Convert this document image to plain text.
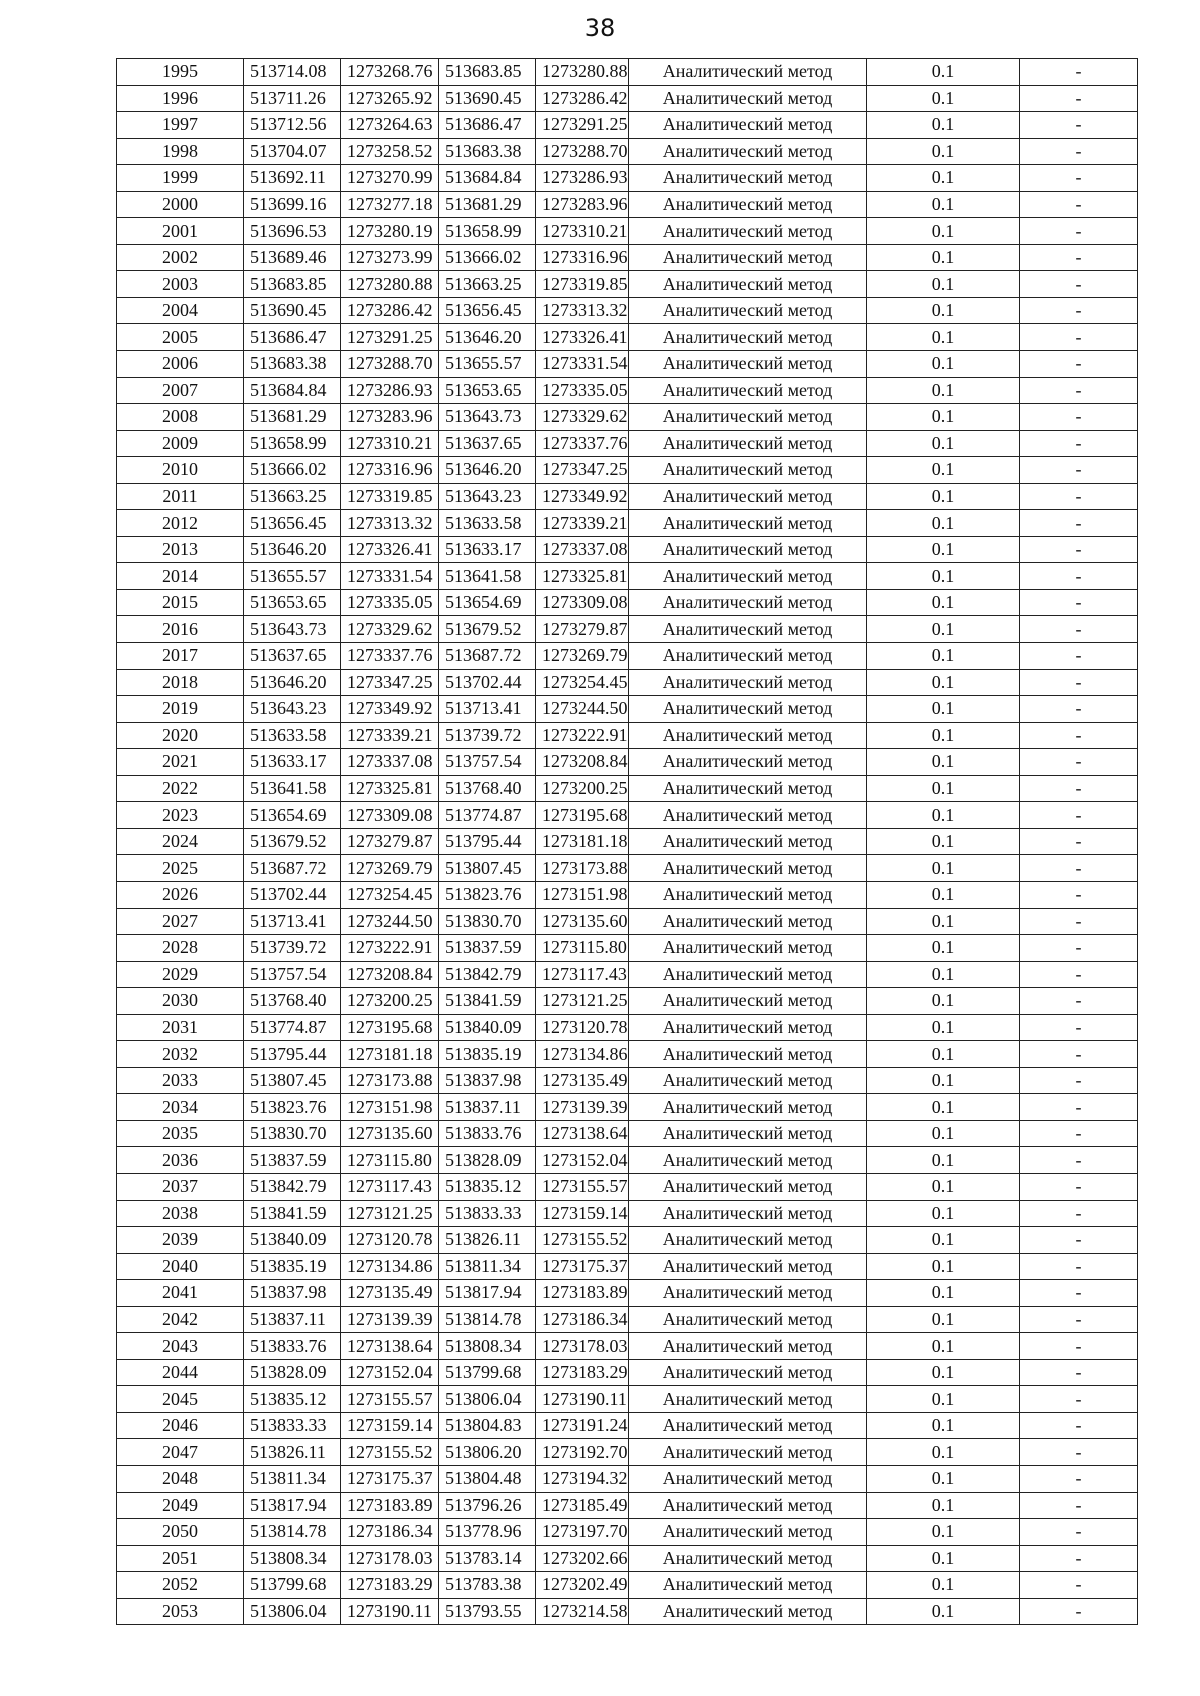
38
1995	513714.08	1273268.76	513683.85	1273280.88	Аналитический метод	0.1	-
1996	513711.26	1273265.92	513690.45	1273286.42	Аналитический метод	0.1	-
1997	513712.56	1273264.63	513686.47	1273291.25	Аналитический метод	0.1	-
1998	513704.07	1273258.52	513683.38	1273288.70	Аналитический метод	0.1	-
1999	513692.11	1273270.99	513684.84	1273286.93	Аналитический метод	0.1	-
2000	513699.16	1273277.18	513681.29	1273283.96	Аналитический метод	0.1	-
2001	513696.53	1273280.19	513658.99	1273310.21	Аналитический метод	0.1	-
2002	513689.46	1273273.99	513666.02	1273316.96	Аналитический метод	0.1	-
2003	513683.85	1273280.88	513663.25	1273319.85	Аналитический метод	0.1	-
2004	513690.45	1273286.42	513656.45	1273313.32	Аналитический метод	0.1	-
2005	513686.47	1273291.25	513646.20	1273326.41	Аналитический метод	0.1	-
2006	513683.38	1273288.70	513655.57	1273331.54	Аналитический метод	0.1	-
2007	513684.84	1273286.93	513653.65	1273335.05	Аналитический метод	0.1	-
2008	513681.29	1273283.96	513643.73	1273329.62	Аналитический метод	0.1	-
2009	513658.99	1273310.21	513637.65	1273337.76	Аналитический метод	0.1	-
2010	513666.02	1273316.96	513646.20	1273347.25	Аналитический метод	0.1	-
2011	513663.25	1273319.85	513643.23	1273349.92	Аналитический метод	0.1	-
2012	513656.45	1273313.32	513633.58	1273339.21	Аналитический метод	0.1	-
2013	513646.20	1273326.41	513633.17	1273337.08	Аналитический метод	0.1	-
2014	513655.57	1273331.54	513641.58	1273325.81	Аналитический метод	0.1	-
2015	513653.65	1273335.05	513654.69	1273309.08	Аналитический метод	0.1	-
2016	513643.73	1273329.62	513679.52	1273279.87	Аналитический метод	0.1	-
2017	513637.65	1273337.76	513687.72	1273269.79	Аналитический метод	0.1	-
2018	513646.20	1273347.25	513702.44	1273254.45	Аналитический метод	0.1	-
2019	513643.23	1273349.92	513713.41	1273244.50	Аналитический метод	0.1	-
2020	513633.58	1273339.21	513739.72	1273222.91	Аналитический метод	0.1	-
2021	513633.17	1273337.08	513757.54	1273208.84	Аналитический метод	0.1	-
2022	513641.58	1273325.81	513768.40	1273200.25	Аналитический метод	0.1	-
2023	513654.69	1273309.08	513774.87	1273195.68	Аналитический метод	0.1	-
2024	513679.52	1273279.87	513795.44	1273181.18	Аналитический метод	0.1	-
2025	513687.72	1273269.79	513807.45	1273173.88	Аналитический метод	0.1	-
2026	513702.44	1273254.45	513823.76	1273151.98	Аналитический метод	0.1	-
2027	513713.41	1273244.50	513830.70	1273135.60	Аналитический метод	0.1	-
2028	513739.72	1273222.91	513837.59	1273115.80	Аналитический метод	0.1	-
2029	513757.54	1273208.84	513842.79	1273117.43	Аналитический метод	0.1	-
2030	513768.40	1273200.25	513841.59	1273121.25	Аналитический метод	0.1	-
2031	513774.87	1273195.68	513840.09	1273120.78	Аналитический метод	0.1	-
2032	513795.44	1273181.18	513835.19	1273134.86	Аналитический метод	0.1	-
2033	513807.45	1273173.88	513837.98	1273135.49	Аналитический метод	0.1	-
2034	513823.76	1273151.98	513837.11	1273139.39	Аналитический метод	0.1	-
2035	513830.70	1273135.60	513833.76	1273138.64	Аналитический метод	0.1	-
2036	513837.59	1273115.80	513828.09	1273152.04	Аналитический метод	0.1	-
2037	513842.79	1273117.43	513835.12	1273155.57	Аналитический метод	0.1	-
2038	513841.59	1273121.25	513833.33	1273159.14	Аналитический метод	0.1	-
2039	513840.09	1273120.78	513826.11	1273155.52	Аналитический метод	0.1	-
2040	513835.19	1273134.86	513811.34	1273175.37	Аналитический метод	0.1	-
2041	513837.98	1273135.49	513817.94	1273183.89	Аналитический метод	0.1	-
2042	513837.11	1273139.39	513814.78	1273186.34	Аналитический метод	0.1	-
2043	513833.76	1273138.64	513808.34	1273178.03	Аналитический метод	0.1	-
2044	513828.09	1273152.04	513799.68	1273183.29	Аналитический метод	0.1	-
2045	513835.12	1273155.57	513806.04	1273190.11	Аналитический метод	0.1	-
2046	513833.33	1273159.14	513804.83	1273191.24	Аналитический метод	0.1	-
2047	513826.11	1273155.52	513806.20	1273192.70	Аналитический метод	0.1	-
2048	513811.34	1273175.37	513804.48	1273194.32	Аналитический метод	0.1	-
2049	513817.94	1273183.89	513796.26	1273185.49	Аналитический метод	0.1	-
2050	513814.78	1273186.34	513778.96	1273197.70	Аналитический метод	0.1	-
2051	513808.34	1273178.03	513783.14	1273202.66	Аналитический метод	0.1	-
2052	513799.68	1273183.29	513783.38	1273202.49	Аналитический метод	0.1	-
2053	513806.04	1273190.11	513793.55	1273214.58	Аналитический метод	0.1	-
